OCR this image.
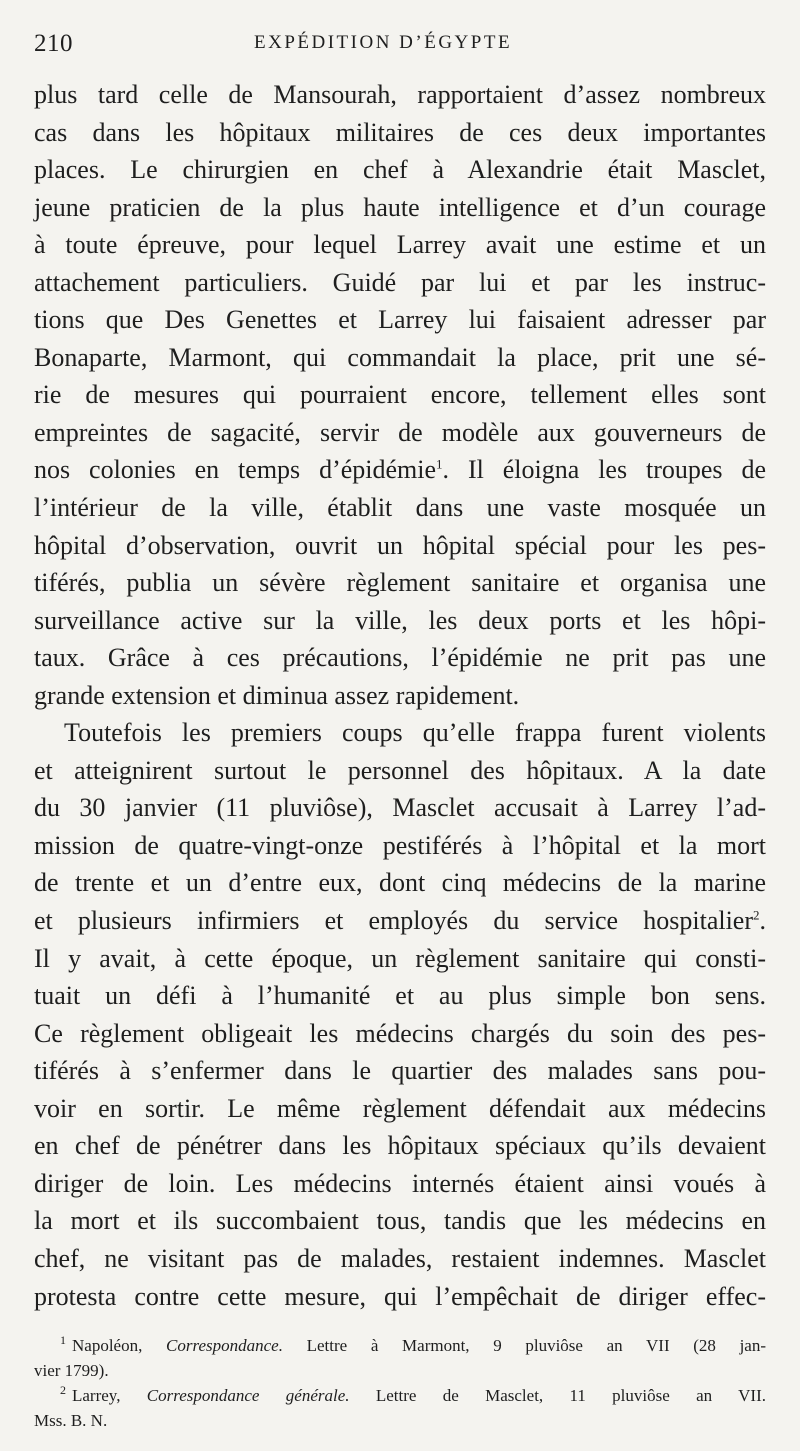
210	EXPÉDITION D’ÉGYPTE
plus tard celle de Mansourah, rapportaient d’assez nombreux
cas dans les hôpitaux militaires de ces deux importantes
places. Le chirurgien en chef à Alexandrie était Masclet,
jeune praticien de la plus haute intelligence et d’un courage
à toute épreuve, pour lequel Larrey avait une estime et un
attachement particuliers. Guidé par lui et par les instruc-
tions que Des Genettes et Larrey lui faisaient adresser par
Bonaparte, Marmont, qui commandait la place, prit une sé-
rie de mesures qui pourraient encore, tellement elles sont
empreintes de sagacité, servir de modèle aux gouverneurs de
nos colonies en temps d’épidémie$^1$. Il éloigna les troupes de
l’intérieur de la ville, établit dans une vaste mosquée un
hôpital d’observation, ouvrit un hôpital spécial pour les pes-
tiférés, publia un sévère règlement sanitaire et organisa une
surveillance active sur la ville, les deux ports et les hôpi-
taux. Grâce à ces précautions, l’épidémie ne prit pas une
grande extension et diminua assez rapidement.
Toutefois les premiers coups qu’elle frappa furent violents
et atteignirent surtout le personnel des hôpitaux. A la date
du 30 janvier (11 pluviôse), Masclet accusait à Larrey l’ad-
mission de quatre-vingt-onze pestiférés à l’hôpital et la mort
de trente et un d’entre eux, dont cinq médecins de la marine
et plusieurs infirmiers et employés du service hospitalier$^2$.
Il y avait, à cette époque, un règlement sanitaire qui consti-
tuait un défi à l’humanité et au plus simple bon sens.
Ce règlement obligeait les médecins chargés du soin des pes-
tiférés à s’enfermer dans le quartier des malades sans pou-
voir en sortir. Le même règlement défendait aux médecins
en chef de pénétrer dans les hôpitaux spéciaux qu’ils devaient
diriger de loin. Les médecins internés étaient ainsi voués à
la mort et ils succombaient tous, tandis que les médecins en
chef, ne visitant pas de malades, restaient indemnes. Masclet
protesta contre cette mesure, qui l’empêchait de diriger effec-
$^1$ Napoléon, Correspondance. Lettre à Marmont, 9 pluviôse an VII (28 jan-
vier 1799).
$^2$ Larrey, Correspondance générale. Lettre de Masclet, 11 pluviôse an VII.
Mss. B. N.
